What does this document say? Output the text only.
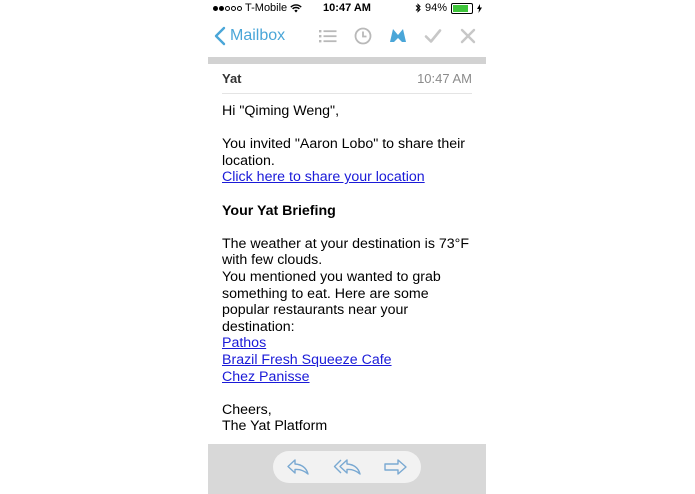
T-Mobile	10:47 AM	94%
Mailbox
Yat	10:47 AM

Hi "Qiming Weng",

You invited "Aaron Lobo" to share their location.
Click here to share your location

Your Yat Briefing

The weather at your destination is 73°F with few clouds.
You mentioned you wanted to grab something to eat. Here are some popular restaurants near your destination:
Pathos
Brazil Fresh Squeeze Cafe
Chez Panisse

Cheers,
The Yat Platform
